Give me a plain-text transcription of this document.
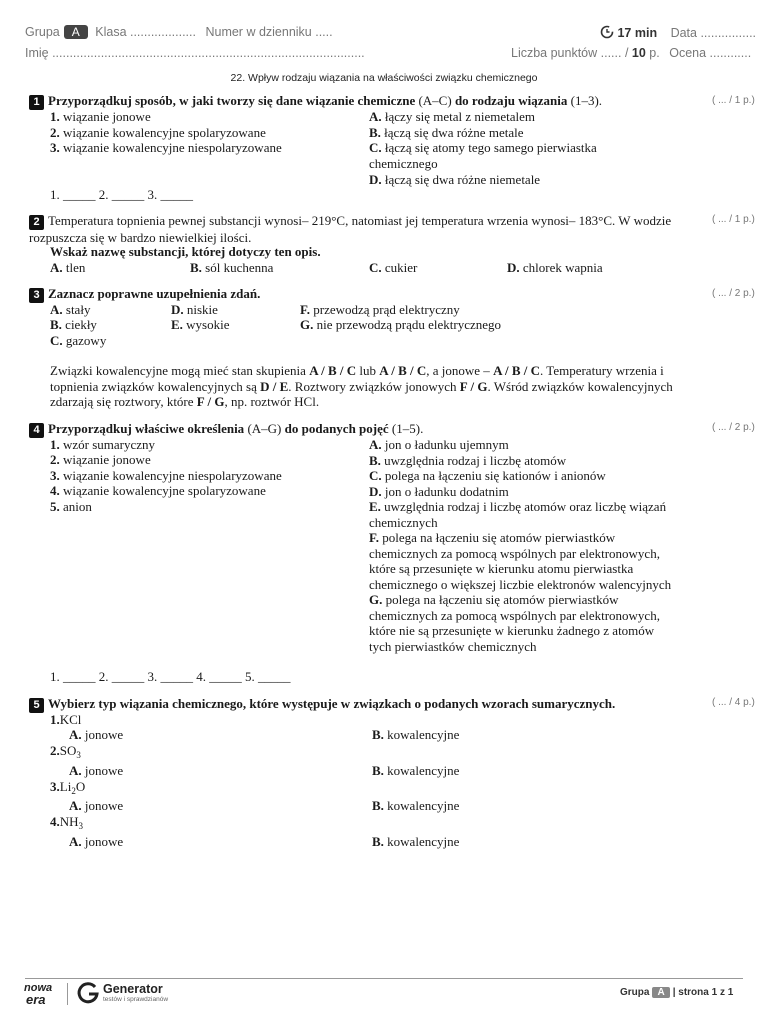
Grupa A Klasa ................... Numer w dzienniku .....	17 min Data ................
Imię ..........................................................................................	Liczba punktów ...... / 10 p. Ocena ............
22. Wpływ rodzaju wiązania na właściwości związku chemicznego
1 Przyporządkuj sposób, w jaki tworzy się dane wiązanie chemiczne (A–C) do rodzaju wiązania (1–3).	( ... / 1 p.)
1. wiązanie jonowe
2. wiązanie kowalencyjne spolaryzowane
3. wiązanie kowalencyjne niespolaryzowane
A. łączy się metal z niemetalem
B. łączą się dwa różne metale
C. łączą się atomy tego samego pierwiastka chemicznego
D. łączą się dwa różne niemetale
1. _____ 2. _____ 3. _____
2 Temperatura topnienia pewnej substancji wynosi– 219°C, natomiast jej temperatura wrzenia wynosi– 183°C. W wodzie rozpuszcza się w bardzo niewielkiej ilości.
( ... / 1 p.)
Wskaż nazwę substancji, której dotyczy ten opis.
A. tlen	B. sól kuchenna	C. cukier	D. chlorek wapnia
3 Zaznacz poprawne uzupełnienia zdań.	( ... / 2 p.)
A. stały	D. niskie	F. przewodzą prąd elektryczny
B. ciekły	E. wysokie	G. nie przewodzą prądu elektrycznego
C. gazowy
Związki kowalencyjne mogą mieć stan skupienia A / B / C lub A / B / C, a jonowe – A / B / C. Temperatury wrzenia i topnienia związków kowalencyjnych są D / E. Roztwory związków jonowych F / G. Wśród związków kowalencyjnych zdarzają się roztwory, które F / G, np. roztwór HCl.
4 Przyporządkuj właściwe określenia (A–G) do podanych pojęć (1–5).	( ... / 2 p.)
1. wzór sumaryczny
2. wiązanie jonowe
3. wiązanie kowalencyjne niespolaryzowane
4. wiązanie kowalencyjne spolaryzowane
5. anion
A. jon o ładunku ujemnym
B. uwzględnia rodzaj i liczbę atomów
C. polega na łączeniu się kationów i anionów
D. jon o ładunku dodatnim
E. uwzględnia rodzaj i liczbę atomów oraz liczbę wiązań chemicznych
F. polega na łączeniu się atomów pierwiastków chemicznych za pomocą wspólnych par elektronowych, które są przesunięte w kierunku atomu pierwiastka chemicznego o większej liczbie elektronów walencyjnych
G. polega na łączeniu się atomów pierwiastków chemicznych za pomocą wspólnych par elektronowych, które nie są przesunięte w kierunku żadnego z atomów tych pierwiastków chemicznych
1. _____ 2. _____ 3. _____ 4. _____ 5. _____
5 Wybierz typ wiązania chemicznego, które występuje w związkach o podanych wzorach sumarycznych.	( ... / 4 p.)
1.KCl
A. jonowe	B. kowalencyjne
$2.SO_3$
A. jonowe	B. kowalencyjne
$3.Li_2O$
A. jonowe	B. kowalencyjne
$4.NH_3$
A. jonowe	B. kowalencyjne
nowa
era
Generator
testów i sprawdzianów
Grupa A | strona 1 z 1
